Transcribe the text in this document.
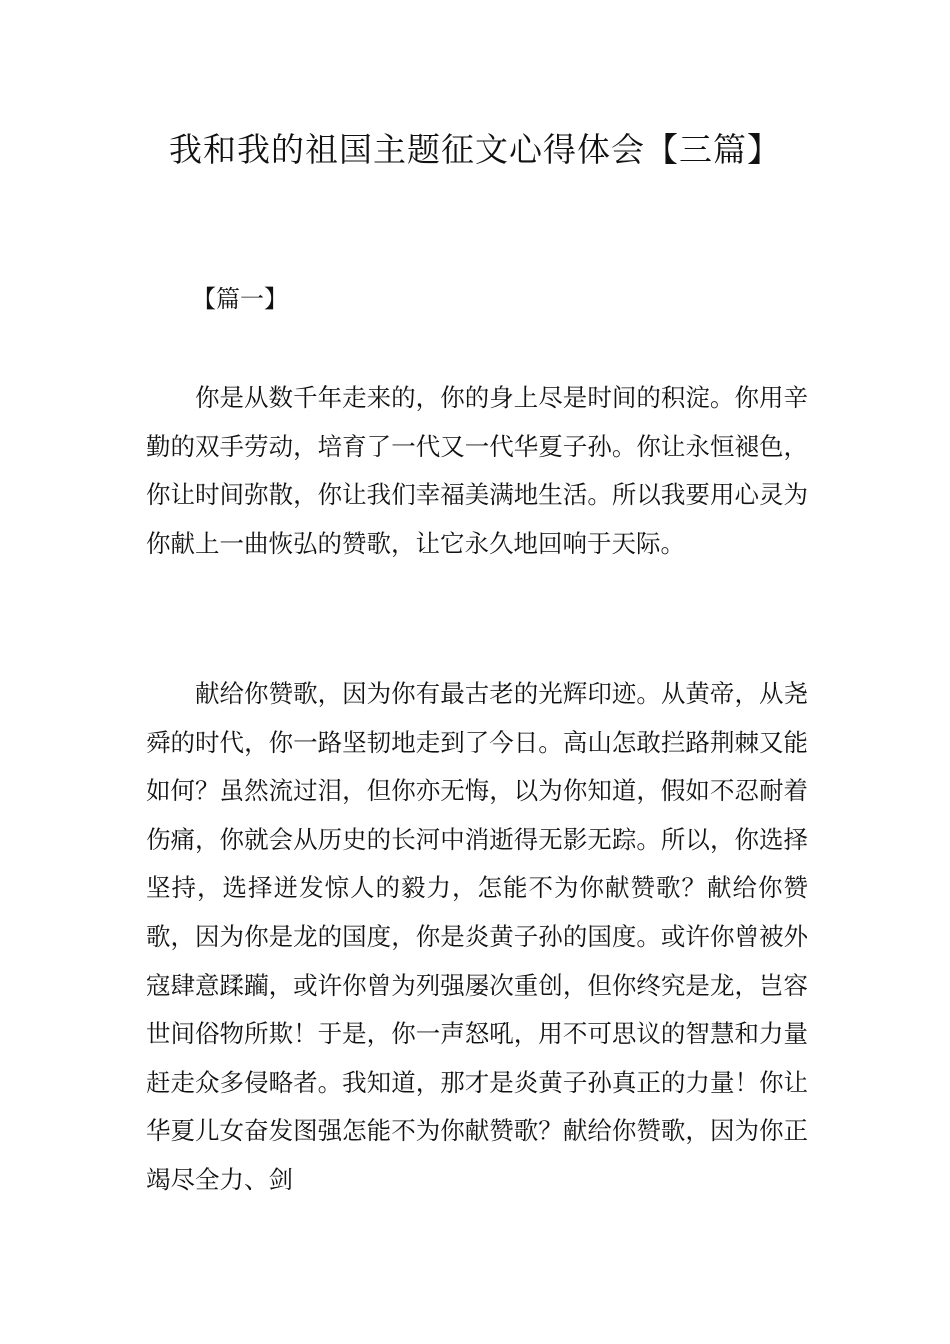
我和我的祖国主题征文心得体会【三篇】
【篇一】

你是从数千年走来的，你的身上尽是时间的积淀。你用辛勤的双手劳动，培育了一代又一代华夏子孙。你让永恒褪色，你让时间弥散，你让我们幸福美满地生活。所以我要用心灵为你献上一曲恢弘的赞歌，让它永久地回响于天际。

献给你赞歌，因为你有最古老的光辉印迹。从黄帝，从尧舜的时代，你一路坚韧地走到了今日。高山怎敢拦路荆棘又能如何？虽然流过泪，但你亦无悔，以为你知道，假如不忍耐着伤痛，你就会从历史的长河中消逝得无影无踪。所以，你选择坚持，选择迸发惊人的毅力，怎能不为你献赞歌？献给你赞歌，因为你是龙的国度，你是炎黄子孙的国度。或许你曾被外寇肆意蹂躏，或许你曾为列强屡次重创，但你终究是龙，岂容世间俗物所欺！于是，你一声怒吼，用不可思议的智慧和力量赶走众多侵略者。我知道，那才是炎黄子孙真正的力量！你让华夏儿女奋发图强怎能不为你献赞歌？献给你赞歌，因为你正竭尽全力、剑
